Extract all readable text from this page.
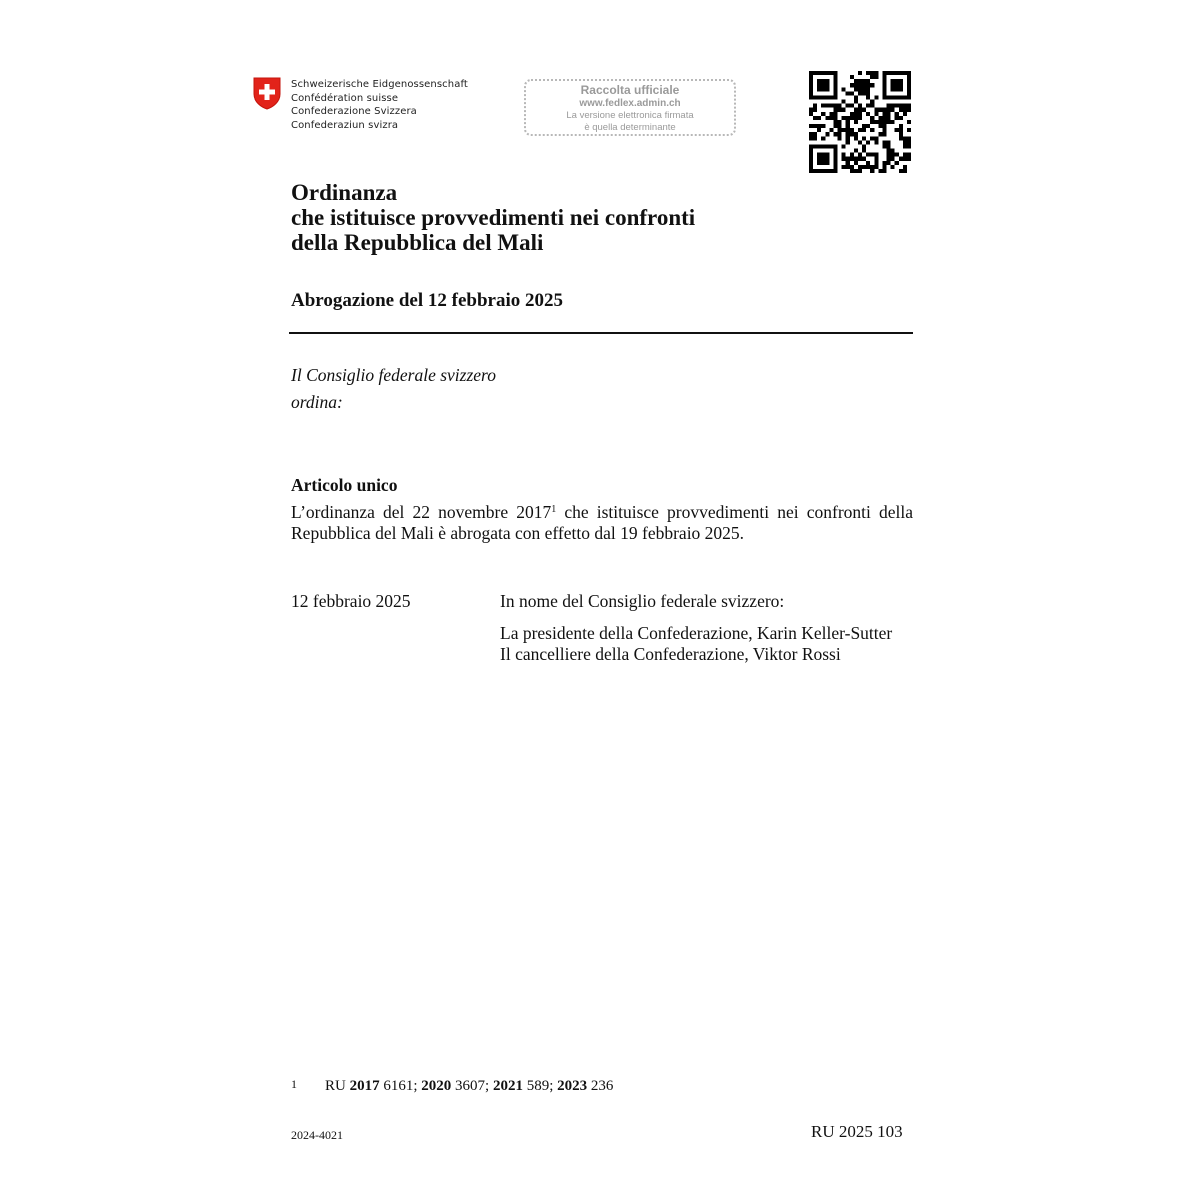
Schweizerische Eidgenossenschaft
Confédération suisse
Confederazione Svizzera
Confederaziun svizra
Raccolta ufficiale
www.fedlex.admin.ch
La versione elettronica firmata
è quella determinante
Ordinanza
che istituisce provvedimenti nei confronti
della Repubblica del Mali
Abrogazione del 12 febbraio 2025
Il Consiglio federale svizzero
ordina:
Articolo unico
L’ordinanza del 22 novembre 2017$^1$ che istituisce provvedimenti nei confronti della Repubblica del Mali è abrogata con effetto dal 19 febbraio 2025.
12 febbraio 2025	In nome del Consiglio federale svizzero:
La presidente della Confederazione, Karin Keller-Sutter
Il cancelliere della Confederazione, Viktor Rossi
1 RU 2017 6161; 2020 3607; 2021 589; 2023 236
2024-4021	RU 2025 103
